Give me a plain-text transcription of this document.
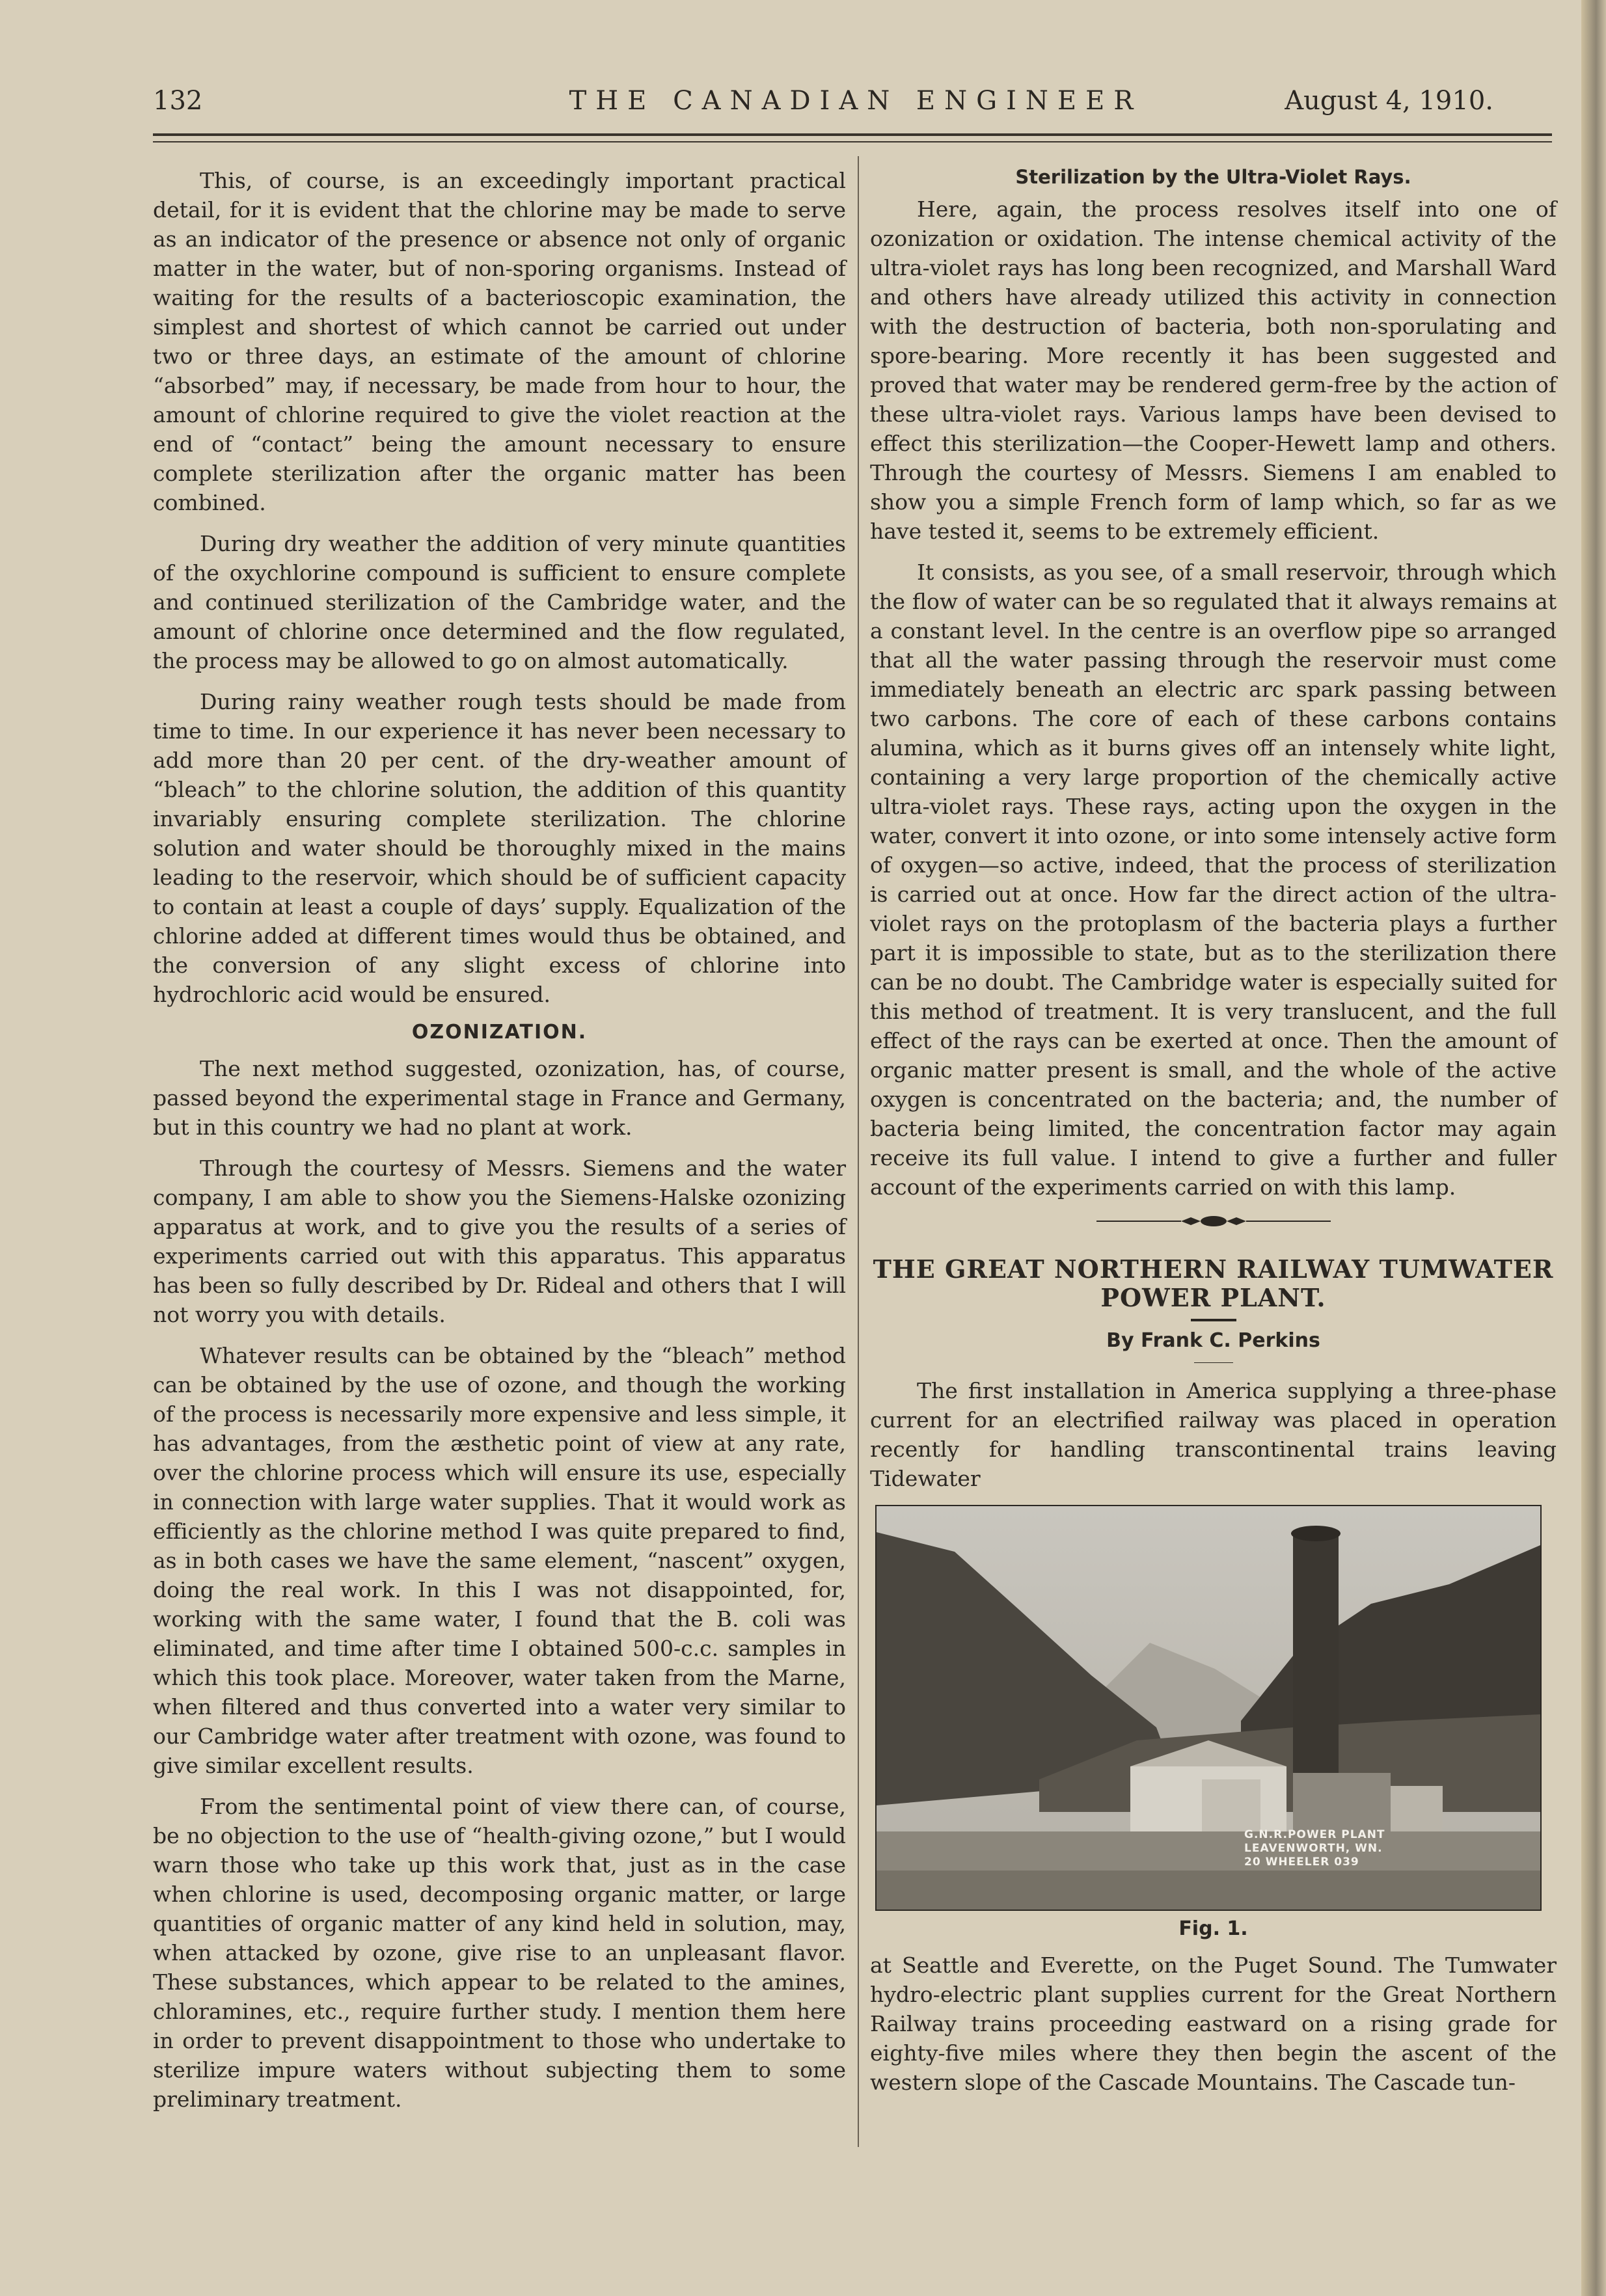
132	THE CANADIAN ENGINEER	August 4, 1910.

This, of course, is an exceedingly important practical detail, for it is evident that the chlorine may be made to serve as an indicator of the presence or absence not only of organic matter in the water, but of non-sporing organisms. Instead of waiting for the results of a bacterioscopic examination, the simplest and shortest of which cannot be carried out under two or three days, an estimate of the amount of chlorine “absorbed” may, if necessary, be made from hour to hour, the amount of chlorine required to give the violet reaction at the end of “contact” being the amount necessary to ensure complete sterilization after the organic matter has been combined.

During dry weather the addition of very minute quantities of the oxychlorine compound is sufficient to ensure complete and continued sterilization of the Cambridge water, and the amount of chlorine once determined and the flow regulated, the process may be allowed to go on almost automatically.

During rainy weather rough tests should be made from time to time. In our experience it has never been necessary to add more than 20 per cent. of the dry-weather amount of “bleach” to the chlorine solution, the addition of this quantity invariably ensuring complete sterilization. The chlorine solution and water should be thoroughly mixed in the mains leading to the reservoir, which should be of sufficient capacity to contain at least a couple of days’ supply. Equalization of the chlorine added at different times would thus be obtained, and the conversion of any slight excess of chlorine into hydrochloric acid would be ensured.

OZONIZATION.

The next method suggested, ozonization, has, of course, passed beyond the experimental stage in France and Germany, but in this country we had no plant at work.

Through the courtesy of Messrs. Siemens and the water company, I am able to show you the Siemens-Halske ozonizing apparatus at work, and to give you the results of a series of experiments carried out with this apparatus. This apparatus has been so fully described by Dr. Rideal and others that I will not worry you with details.

Whatever results can be obtained by the “bleach” method can be obtained by the use of ozone, and though the working of the process is necessarily more expensive and less simple, it has advantages, from the æsthetic point of view at any rate, over the chlorine process which will ensure its use, especially in connection with large water supplies. That it would work as efficiently as the chlorine method I was quite prepared to find, as in both cases we have the same element, “nascent” oxygen, doing the real work. In this I was not disappointed, for, working with the same water, I found that the B. coli was eliminated, and time after time I obtained 500-c.c. samples in which this took place. Moreover, water taken from the Marne, when filtered and thus converted into a water very similar to our Cambridge water after treatment with ozone, was found to give similar excellent results.

From the sentimental point of view there can, of course, be no objection to the use of “health-giving ozone,” but I would warn those who take up this work that, just as in the case when chlorine is used, decomposing organic matter, or large quantities of organic matter of any kind held in solution, may, when attacked by ozone, give rise to an unpleasant flavor. These substances, which appear to be related to the amines, chloramines, etc., require further study. I mention them here in order to prevent disappointment to those who undertake to sterilize impure waters without subjecting them to some preliminary treatment.

Sterilization by the Ultra-Violet Rays.

Here, again, the process resolves itself into one of ozonization or oxidation. The intense chemical activity of the ultra-violet rays has long been recognized, and Marshall Ward and others have already utilized this activity in connection with the destruction of bacteria, both non-sporulating and spore-bearing. More recently it has been suggested and proved that water may be rendered germ-free by the action of these ultra-violet rays. Various lamps have been devised to effect this sterilization—the Cooper-Hewett lamp and others. Through the courtesy of Messrs. Siemens I am enabled to show you a simple French form of lamp which, so far as we have tested it, seems to be extremely efficient.

It consists, as you see, of a small reservoir, through which the flow of water can be so regulated that it always remains at a constant level. In the centre is an overflow pipe so arranged that all the water passing through the reservoir must come immediately beneath an electric arc spark passing between two carbons. The core of each of these carbons contains alumina, which as it burns gives off an intensely white light, containing a very large proportion of the chemically active ultra-violet rays. These rays, acting upon the oxygen in the water, convert it into ozone, or into some intensely active form of oxygen—so active, indeed, that the process of sterilization is carried out at once. How far the direct action of the ultra-violet rays on the protoplasm of the bacteria plays a further part it is impossible to state, but as to the sterilization there can be no doubt. The Cambridge water is especially suited for this method of treatment. It is very translucent, and the full effect of the rays can be exerted at once. Then the amount of organic matter present is small, and the whole of the active oxygen is concentrated on the bacteria; and, the number of bacteria being limited, the concentration factor may again receive its full value. I intend to give a further and fuller account of the experiments carried on with this lamp.

THE GREAT NORTHERN RAILWAY TUMWATER POWER PLANT.
By Frank C. Perkins

The first installation in America supplying a three-phase current for an electrified railway was placed in operation recently for handling transcontinental trains leaving Tidewater

G.N.R.POWER PLANT
LEAVENWORTH, WN.
20 WHEELER 039
Fig. 1.

at Seattle and Everette, on the Puget Sound. The Tumwater hydro-electric plant supplies current for the Great Northern Railway trains proceeding eastward on a rising grade for eighty-five miles where they then begin the ascent of the western slope of the Cascade Mountains. The Cascade tun-
